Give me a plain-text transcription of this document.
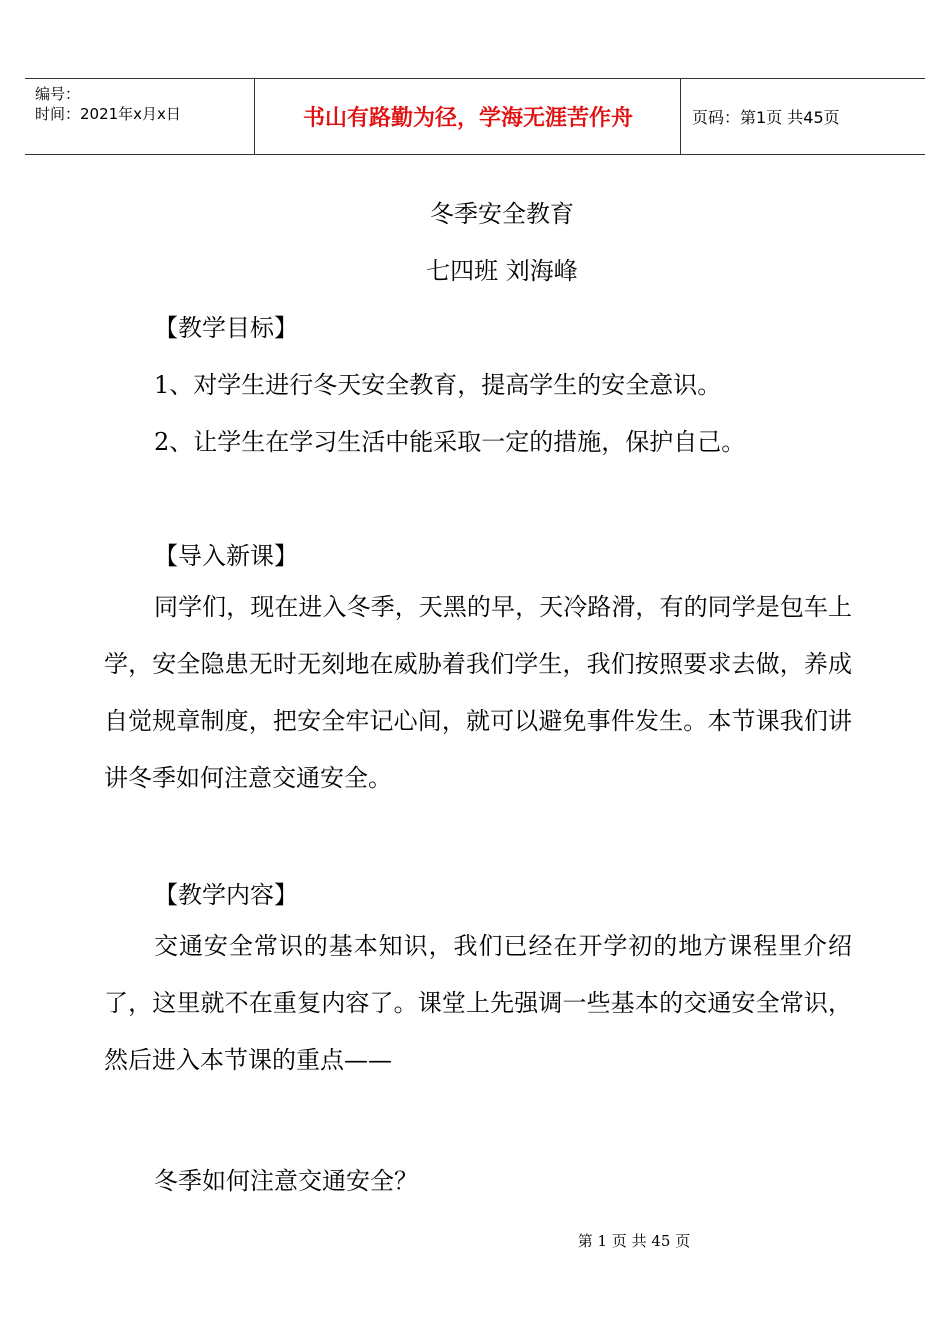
编号：
时间：2021年x月x日	书山有路勤为径，学海无涯苦作舟	页码：第1页 共45页
冬季安全教育
七四班 刘海峰
【教学目标】
1、对学生进行冬天安全教育，提高学生的安全意识。
2、让学生在学习生活中能采取一定的措施，保护自己。
【导入新课】
同学们，现在进入冬季，天黑的早，天冷路滑，有的同学是包车上学，安全隐患无时无刻地在威胁着我们学生，我们按照要求去做，养成自觉规章制度，把安全牢记心间，就可以避免事件发生。本节课我们讲讲冬季如何注意交通安全。
【教学内容】
交通安全常识的基本知识，我们已经在开学初的地方课程里介绍了，这里就不在重复内容了。课堂上先强调一些基本的交通安全常识，然后进入本节课的重点——
冬季如何注意交通安全？
第 1 页 共 45 页
